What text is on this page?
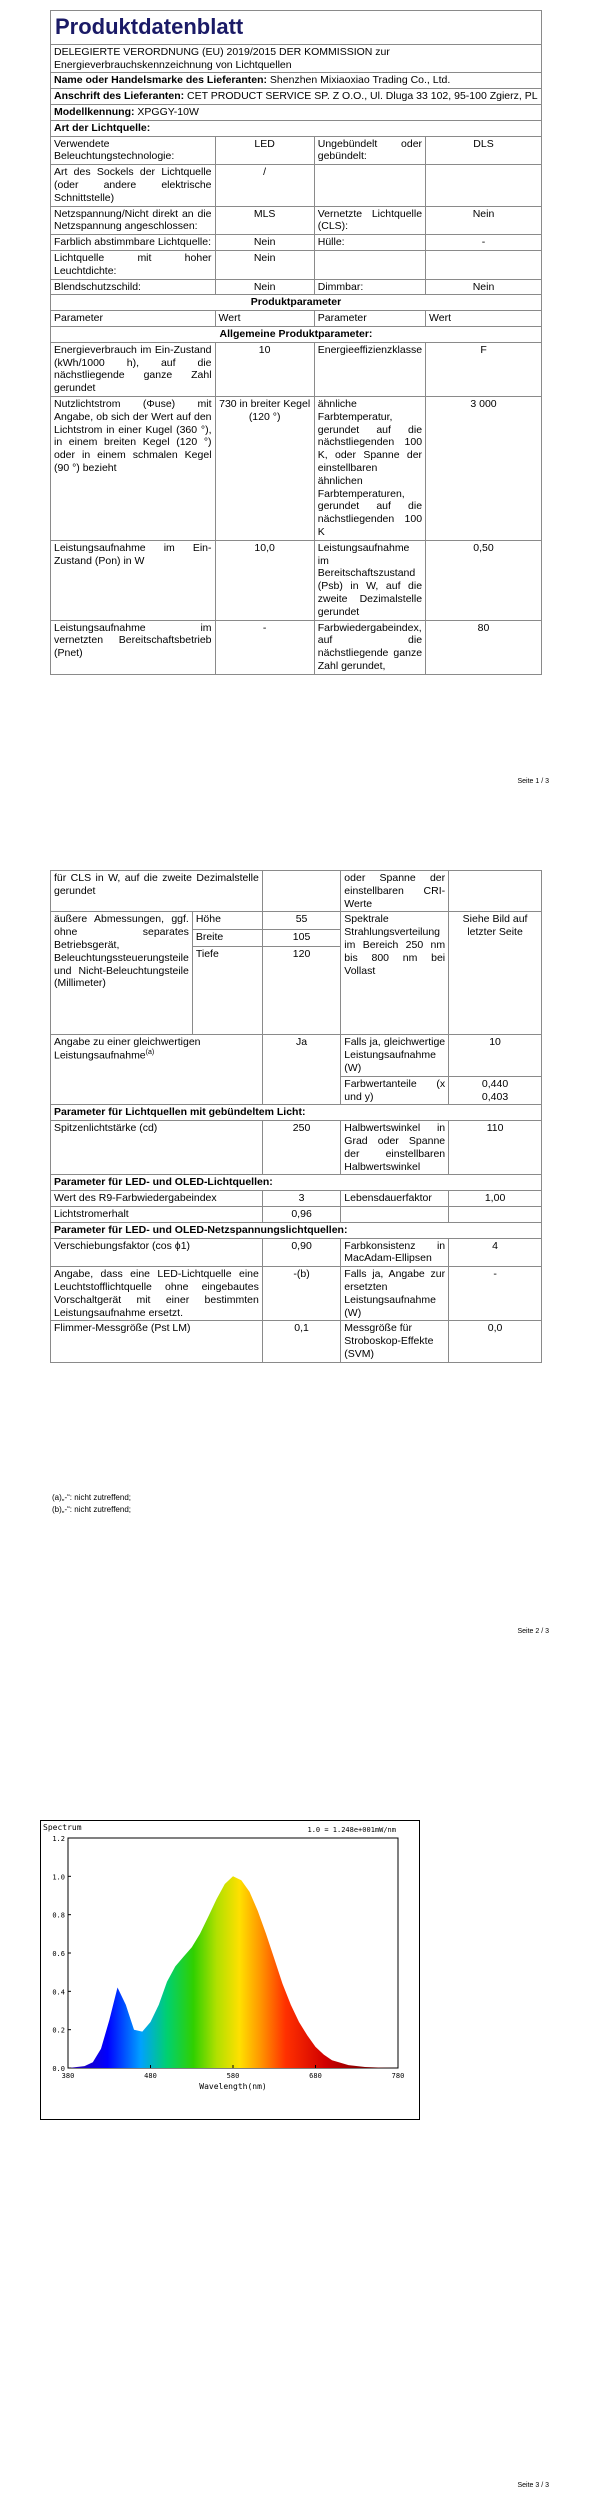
Produktdatenblatt			
DELEGIERTE VERORDNUNG (EU) 2019/2015 DER KOMMISSION zur Energieverbrauchskennzeichnung von Lichtquellen			
Name oder Handelsmarke des Lieferanten: Shenzhen Mixiaoxiao Trading Co., Ltd.			
Anschrift des Lieferanten: CET PRODUCT SERVICE SP. Z O.O., Ul. Dluga 33 102, 95-100 Zgierz, PL			
Modellkennung: XPGGY-10W			
Art der Lichtquelle:			
Verwendete Beleuchtungstechnologie:	LED	Ungebündelt oder gebündelt:	DLS
Art des Sockels der Lichtquelle (oder andere elektrische Schnittstelle)	/		
Netzspannung/Nicht direkt an die Netzspannung angeschlossen:	MLS	Vernetzte Lichtquelle (CLS):	Nein
Farblich abstimmbare Lichtquelle:	Nein	Hülle:	-
Lichtquelle mit hoher Leuchtdichte:	Nein		
Blendschutzschild:	Nein	Dimmbar:	Nein
Produktparameter			
Parameter	Wert	Parameter	Wert
Allgemeine Produktparameter:			
Energieverbrauch im Ein-Zustand (kWh/1000 h), auf die nächstliegende ganze Zahl gerundet	10	Energieeffizienzklasse	F
Nutzlichtstrom (Φuse) mit Angabe, ob sich der Wert auf den Lichtstrom in einer Kugel (360 °), in einem breiten Kegel (120 °) oder in einem schmalen Kegel (90 °) bezieht	730 in breiter Kegel (120 °)	ähnliche Farbtemperatur, gerundet auf die nächstliegenden 100 K, oder Spanne der einstellbaren ähnlichen Farbtemperaturen, gerundet auf die nächstliegenden 100 K	3 000
Leistungsaufnahme im Ein-Zustand (Pon) in W	10,0	Leistungsaufnahme im Bereitschaftszustand (Psb) in W, auf die zweite Dezimalstelle gerundet	0,50
Leistungsaufnahme im vernetzten Bereitschaftsbetrieb (Pnet)	-	Farbwiedergabeindex, auf die nächstliegende ganze Zahl gerundet,	80
Seite 1 / 3
für CLS in W, auf die zweite Dezimalstelle gerundet			oder Spanne der einstellbaren CRI-Werte	
äußere Abmessungen, ggf. ohne separates Betriebsgerät, Beleuchtungssteuerungsteile und Nicht-Beleuchtungsteile (Millimeter)	Höhe	55	Spektrale Strahlungsverteilung im Bereich 250 nm bis 800 nm bei Vollast	Siehe Bild auf letzter Seite
	Breite	105		
	Tiefe	120		
Angabe zu einer gleichwertigen Leistungsaufnahme$^{(a)}$		Ja	Falls ja, gleichwertige Leistungsaufnahme (W)	10
			Farbwertanteile (x und y)	0,440
0,403

Parameter für Lichtquellen mit gebündeltem Licht:				
Spitzenlichtstärke (cd)		250	Halbwertswinkel in Grad oder Spanne der einstellbaren Halbwertswinkel	110
Parameter für LED- und OLED-Lichtquellen:				
Wert des R9-Farbwiedergabeindex		3	Lebensdauerfaktor	1,00
Lichtstromerhalt		0,96		
Parameter für LED- und OLED-Netzspannungslichtquellen:				
Verschiebungsfaktor (cos ϕ1)		0,90	Farbkonsistenz in MacAdam-Ellipsen	4
Angabe, dass eine LED-Lichtquelle eine Leuchtstofflichtquelle ohne eingebautes Vorschaltgerät mit einer bestimmten Leistungsaufnahme ersetzt.		-(b)	Falls ja, Angabe zur ersetzten Leistungsaufnahme (W)	-
Flimmer-Messgröße (Pst LM)		0,1	Messgröße für Stroboskop-Effekte (SVM)	0,0
(a)„-“: nicht zutreffend;
(b)„-“: nicht zutreffend;
Seite 2 / 3
0.0
0.2
0.4
0.6
0.8
1.0
1.2
380	480	580	680	780
Spectrum	1.0 = 1.248e+001mW/nm
Wavelength(nm)
Seite 3 / 3
